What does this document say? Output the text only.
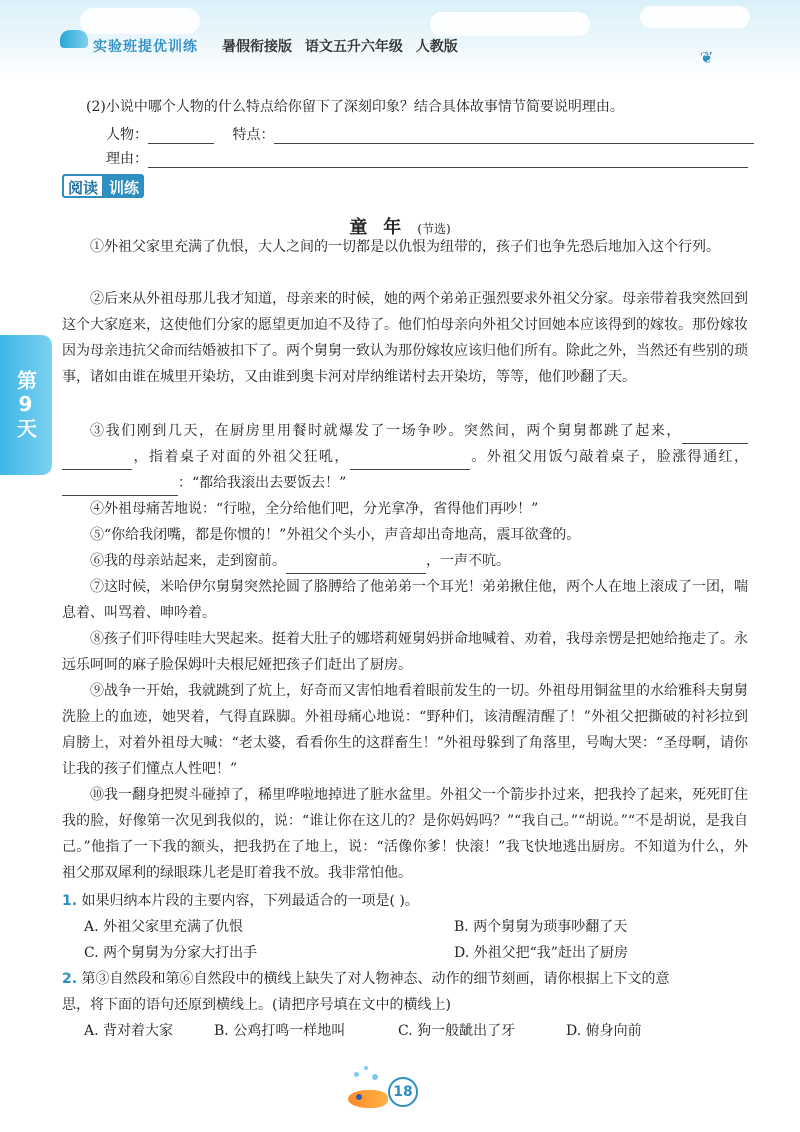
实验班提优训练 暑假衔接版 语文五升六年级 人教版
❦
第9天
(2)小说中哪个人物的什么特点给你留下了深刻印象？结合具体故事情节简要说明理由。
人物：	特点：
理由：
阅读 训练
童年(节选)
①外祖父家里充满了仇恨，大人之间的一切都是以仇恨为纽带的，孩子们也争先恐后地加入这个行列。
②后来从外祖母那儿我才知道，母亲来的时候，她的两个弟弟正强烈要求外祖父分家。母亲带着我突然回到这个大家庭来，这使他们分家的愿望更加迫不及待了。他们怕母亲向外祖父讨回她本应该得到的嫁妆。那份嫁妆因为母亲违抗父命而结婚被扣下了。两个舅舅一致认为那份嫁妆应该归他们所有。除此之外，当然还有些别的琐事，诸如由谁在城里开染坊，又由谁到奥卡河对岸纳维诺村去开染坊，等等，他们吵翻了天。
③我们刚到几天，在厨房里用餐时就爆发了一场争吵。突然间，两个舅舅都跳了起来，，指着桌子对面的外祖父狂吼，	。外祖父用饭勺敲着桌子，脸涨得通红，：“都给我滚出去要饭去！”
④外祖母痛苦地说：“行啦，全分给他们吧，分光拿净，省得他们再吵！”
⑤“你给我闭嘴，都是你惯的！”外祖父个头小，声音却出奇地高，震耳欲聋的。
⑥我的母亲站起来，走到窗前。	，一声不吭。
⑦这时候，米哈伊尔舅舅突然抡圆了胳膊给了他弟弟一个耳光！弟弟揪住他，两个人在地上滚成了一团，喘息着、叫骂着、呻吟着。
⑧孩子们吓得哇哇大哭起来。挺着大肚子的娜塔莉娅舅妈拼命地喊着、劝着，我母亲愣是把她给拖走了。永远乐呵呵的麻子脸保姆叶夫根尼娅把孩子们赶出了厨房。
⑨战争一开始，我就跳到了炕上，好奇而又害怕地看着眼前发生的一切。外祖母用铜盆里的水给雅科夫舅舅洗脸上的血迹，她哭着，气得直跺脚。外祖母痛心地说：“野种们，该清醒清醒了！”外祖父把撕破的衬衫拉到肩膀上，对着外祖母大喊：“老太婆，看看你生的这群畜生！”外祖母躲到了角落里，号啕大哭：“圣母啊，请你让我的孩子们懂点人性吧！”
⑩我一翻身把熨斗碰掉了，稀里哗啦地掉进了脏水盆里。外祖父一个箭步扑过来，把我拎了起来，死死盯住我的脸，好像第一次见到我似的，说：“谁让你在这儿的？是你妈妈吗？”“我自己。”“胡说。”“不是胡说，是我自己。”他指了一下我的额头，把我扔在了地上，说：“活像你爹！快滚！”我飞快地逃出厨房。不知道为什么，外祖父那双犀利的绿眼珠儿老是盯着我不放。我非常怕他。
1. 如果归纳本片段的主要内容，下列最适合的一项是( )。
A. 外祖父家里充满了仇恨	B. 两个舅舅为琐事吵翻了天
C. 两个舅舅为分家大打出手	D. 外祖父把“我”赶出了厨房
2. 第③自然段和第⑥自然段中的横线上缺失了对人物神态、动作的细节刻画，请你根据上下文的意
思，将下面的语句还原到横线上。(请把序号填在文中的横线上)
A. 背对着大家	B. 公鸡打鸣一样地叫	C. 狗一般龇出了牙	D. 俯身向前
18
